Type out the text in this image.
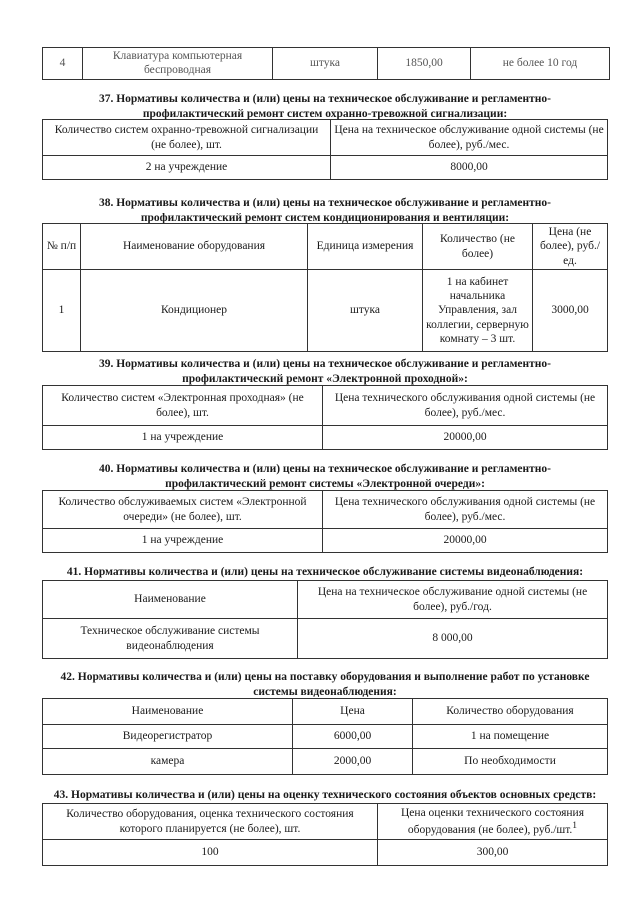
4	Клавиатура компьютерная беспроводная	штука	1850,00	не более 10 год
37. Нормативы количества и (или) цены на техническое обслуживание и регламентно-
профилактический ремонт систем охранно-тревожной сигнализации:
Количество систем охранно-тревожной сигнализации (не более), шт.	Цена на техническое обслуживание одной системы (не более), руб./мес.
2 на учреждение	8000,00
38. Нормативы количества и (или) цены на техническое обслуживание и регламентно-
профилактический ремонт систем кондиционирования и вентиляции:
№ п/п	Наименование оборудования	Единица измерения	Количество (не более)	Цена (не более), руб./ед.
1	Кондиционер	штука	1 на кабинет начальника Управления, зал коллегии, серверную комнату – 3 шт.	3000,00
39. Нормативы количества и (или) цены на техническое обслуживание и регламентно-
профилактический ремонт «Электронной проходной»:
Количество систем «Электронная проходная» (не более), шт.	Цена технического обслуживания одной системы (не более), руб./мес.
1 на учреждение	20000,00
40. Нормативы количества и (или) цены на техническое обслуживание и регламентно-
профилактический ремонт системы «Электронной очереди»:
Количество обслуживаемых систем «Электронной очереди» (не более), шт.	Цена технического обслуживания одной системы (не более), руб./мес.
1 на учреждение	20000,00
41. Нормативы количества и (или) цены на техническое обслуживание системы видеонаблюдения:
Наименование	Цена на техническое обслуживание одной системы (не более), руб./год.
Техническое обслуживание системы видеонаблюдения	8 000,00
42. Нормативы количества и (или) цены на поставку оборудования и выполнение работ по установке
системы видеонаблюдения:
Наименование	Цена	Количество оборудования
Видеорегистратор	6000,00	1 на помещение
камера	2000,00	По необходимости
43. Нормативы количества и (или) цены на оценку технического состояния объектов основных средств:
Количество оборудования, оценка технического состояния которого планируется (не более), шт.	Цена оценки технического состояния оборудования (не более), руб./шт.$^1$
100	300,00
